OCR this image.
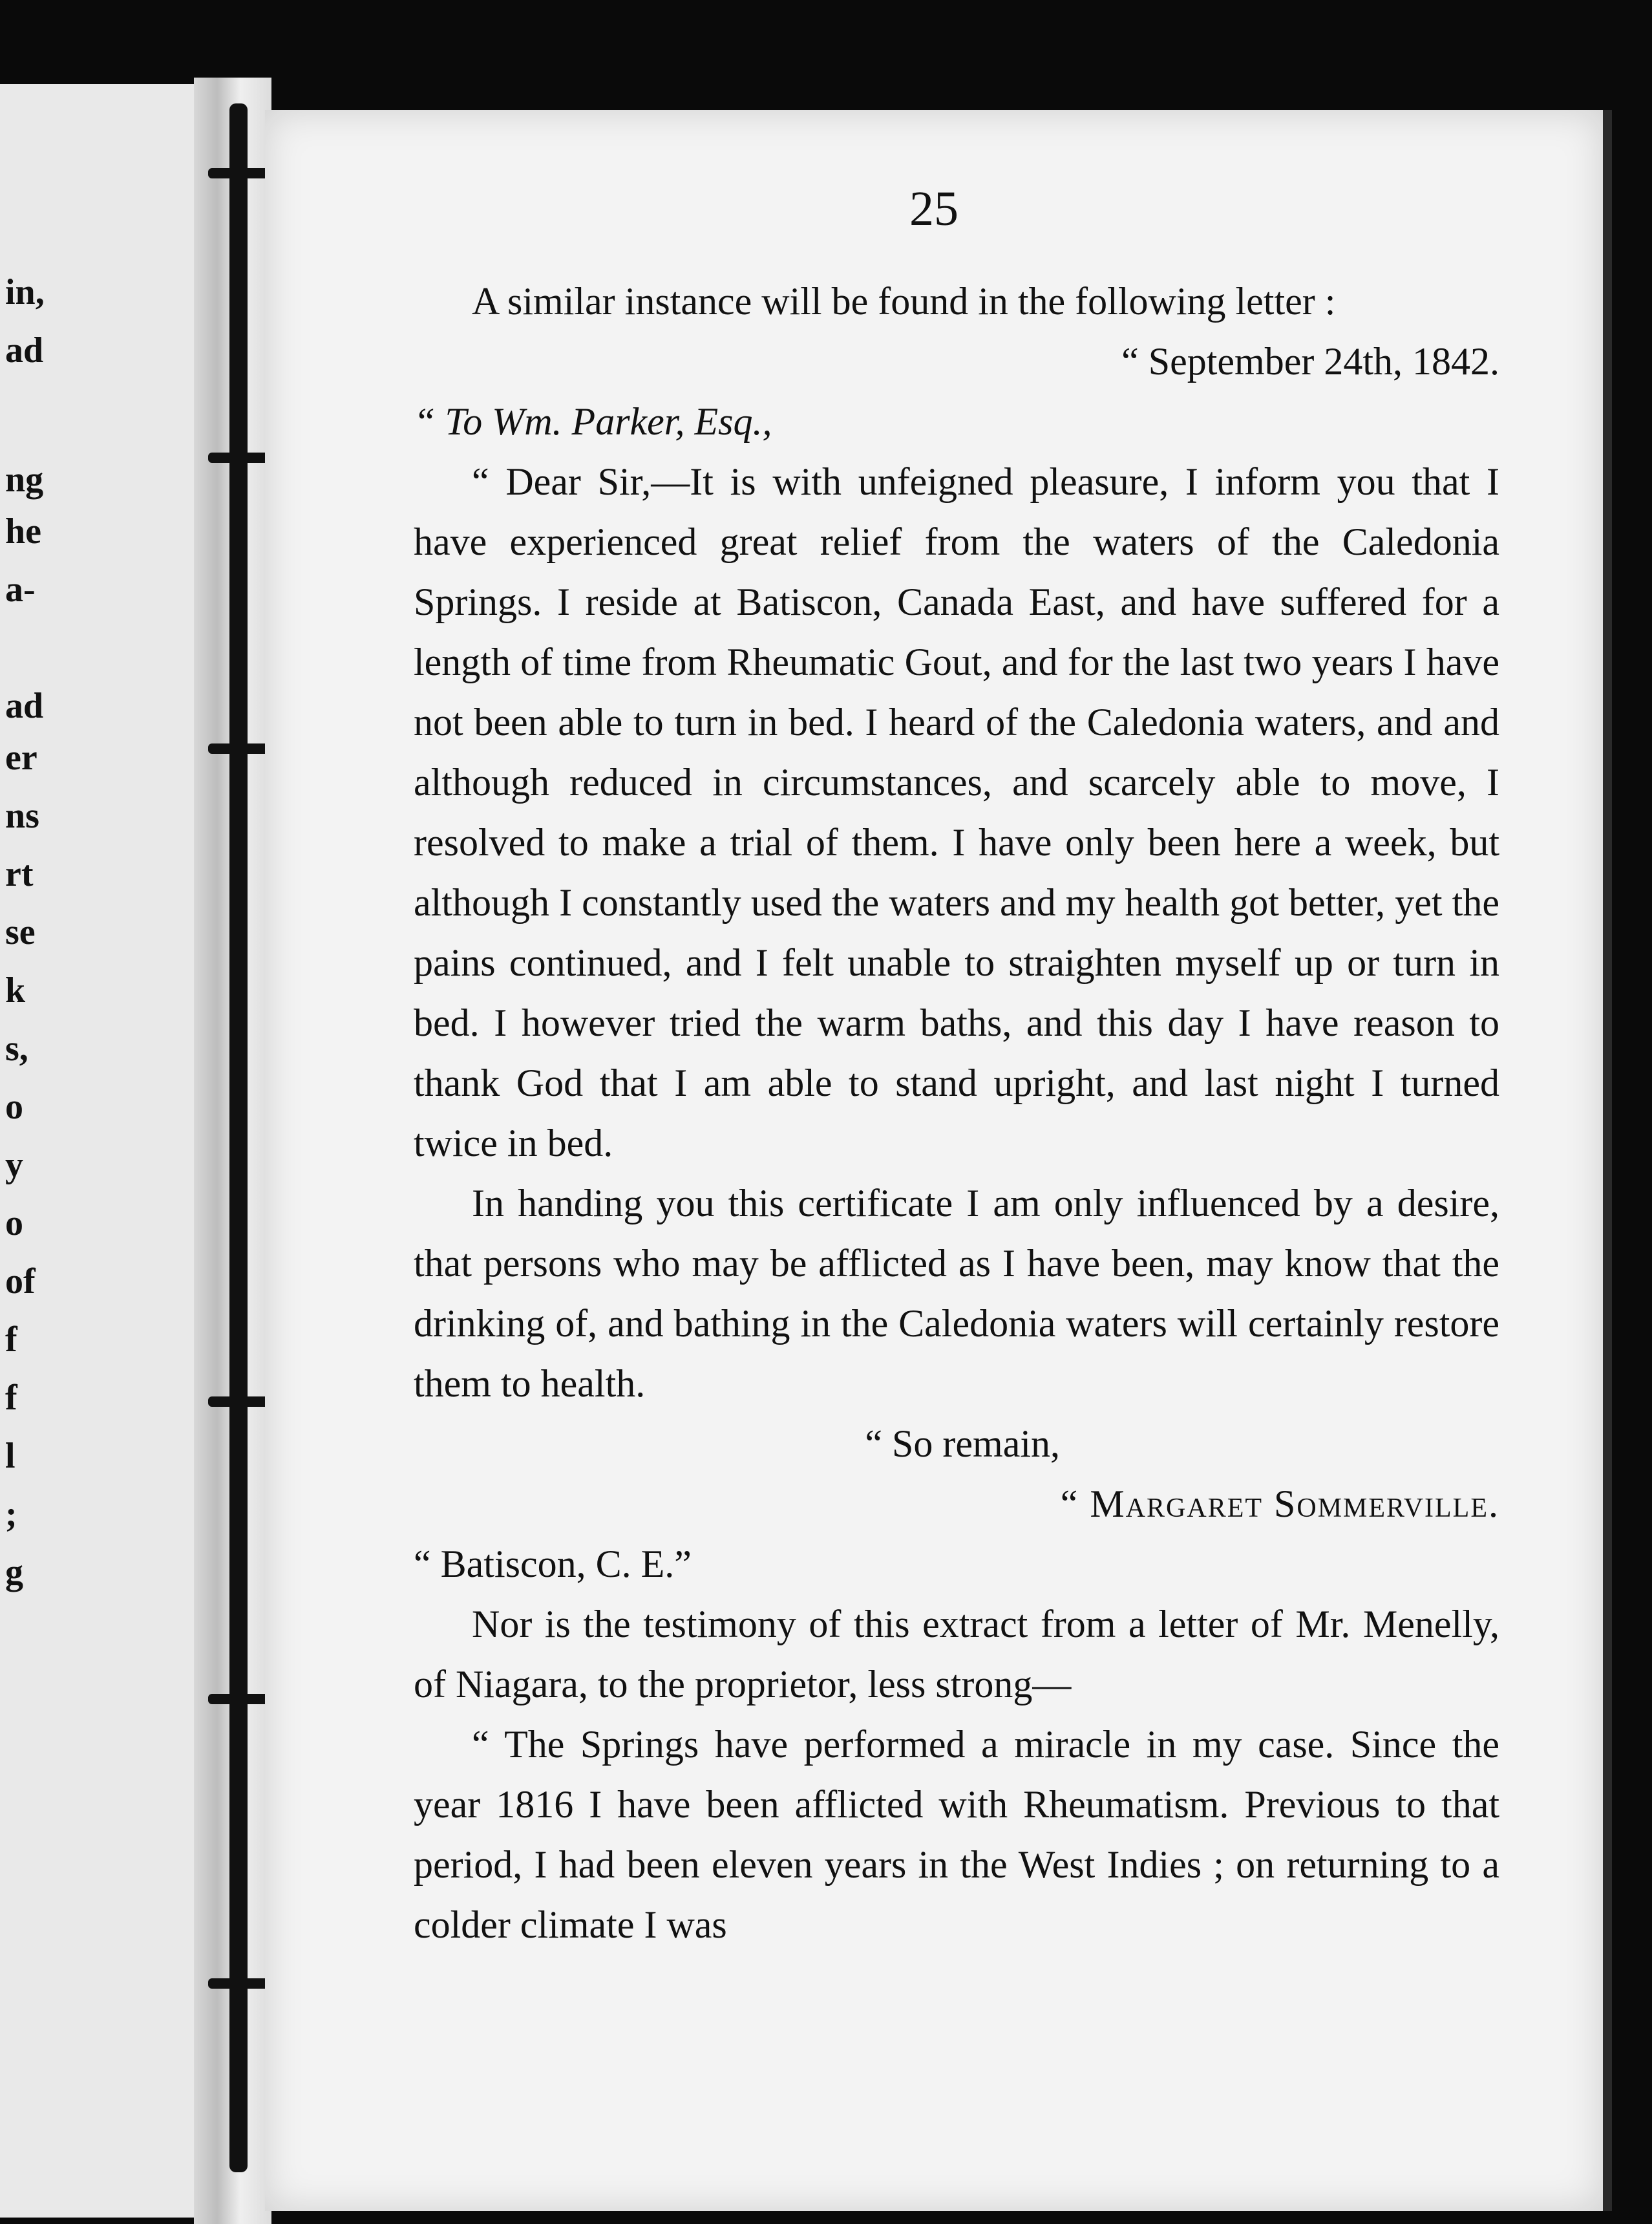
in,
ad
ng
he
a-
ad
er
ns
rt
se
k
s,
o
y
o
of
f
f
l
;
g
25

A similar instance will be found in the following letter :

“ September 24th, 1842.

“ To Wm. Parker, Esq.,

“ Dear Sir,—It is with unfeigned pleasure, I inform you that I have experienced great relief from the waters of the Caledonia Springs. I reside at Batiscon, Canada East, and have suffered for a length of time from Rheumatic Gout, and for the last two years I have not been able to turn in bed. I heard of the Caledonia waters, and and although reduced in circumstances, and scarcely able to move, I resolved to make a trial of them. I have only been here a week, but although I constantly used the waters and my health got better, yet the pains continued, and I felt unable to straighten myself up or turn in bed. I however tried the warm baths, and this day I have reason to thank God that I am able to stand upright, and last night I turned twice in bed.

In handing you this certificate I am only influenced by a desire, that persons who may be afflicted as I have been, may know that the drinking of, and bathing in the Caledonia waters will certainly restore them to health.

“ So remain,

“ Margaret Sommerville.

“ Batiscon, C. E.”

Nor is the testimony of this extract from a letter of Mr. Menelly, of Niagara, to the proprietor, less strong—

“ The Springs have performed a miracle in my case. Since the year 1816 I have been afflicted with Rheumatism. Previous to that period, I had been eleven years in the West Indies ; on returning to a colder climate I was
